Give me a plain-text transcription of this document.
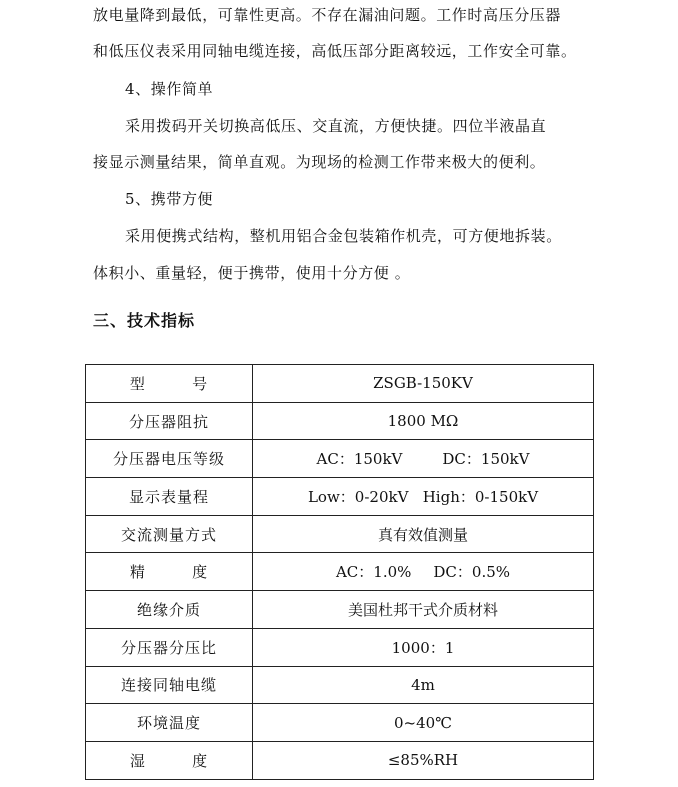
放电量降到最低，可靠性更高。不存在漏油问题。工作时高压分压器
和低压仪表采用同轴电缆连接，高低压部分距离较远，工作安全可靠。
4、操作简单
采用拨码开关切换高低压、交直流，方便快捷。四位半液晶直
接显示测量结果，简单直观。为现场的检测工作带来极大的便利。
5、携带方便
采用便携式结构，整机用铝合金包装箱作机壳，可方便地拆装。
体积小、重量轻，便于携带，使用十分方便 。
三、技术指标
型        号	ZSGB-150KV
分压器阻抗	1800 MΩ
分压器电压等级	AC：150kV DC：150kV
显示表量程	Low：0-20kV   High：0-150kV
交流测量方式	真有效值测量
精        度	AC：1.0% DC：0.5%
绝缘介质	美国杜邦干式介质材料
分压器分压比	1000：1
连接同轴电缆	4m
环境温度	0~40℃
湿        度	≤85%RH
